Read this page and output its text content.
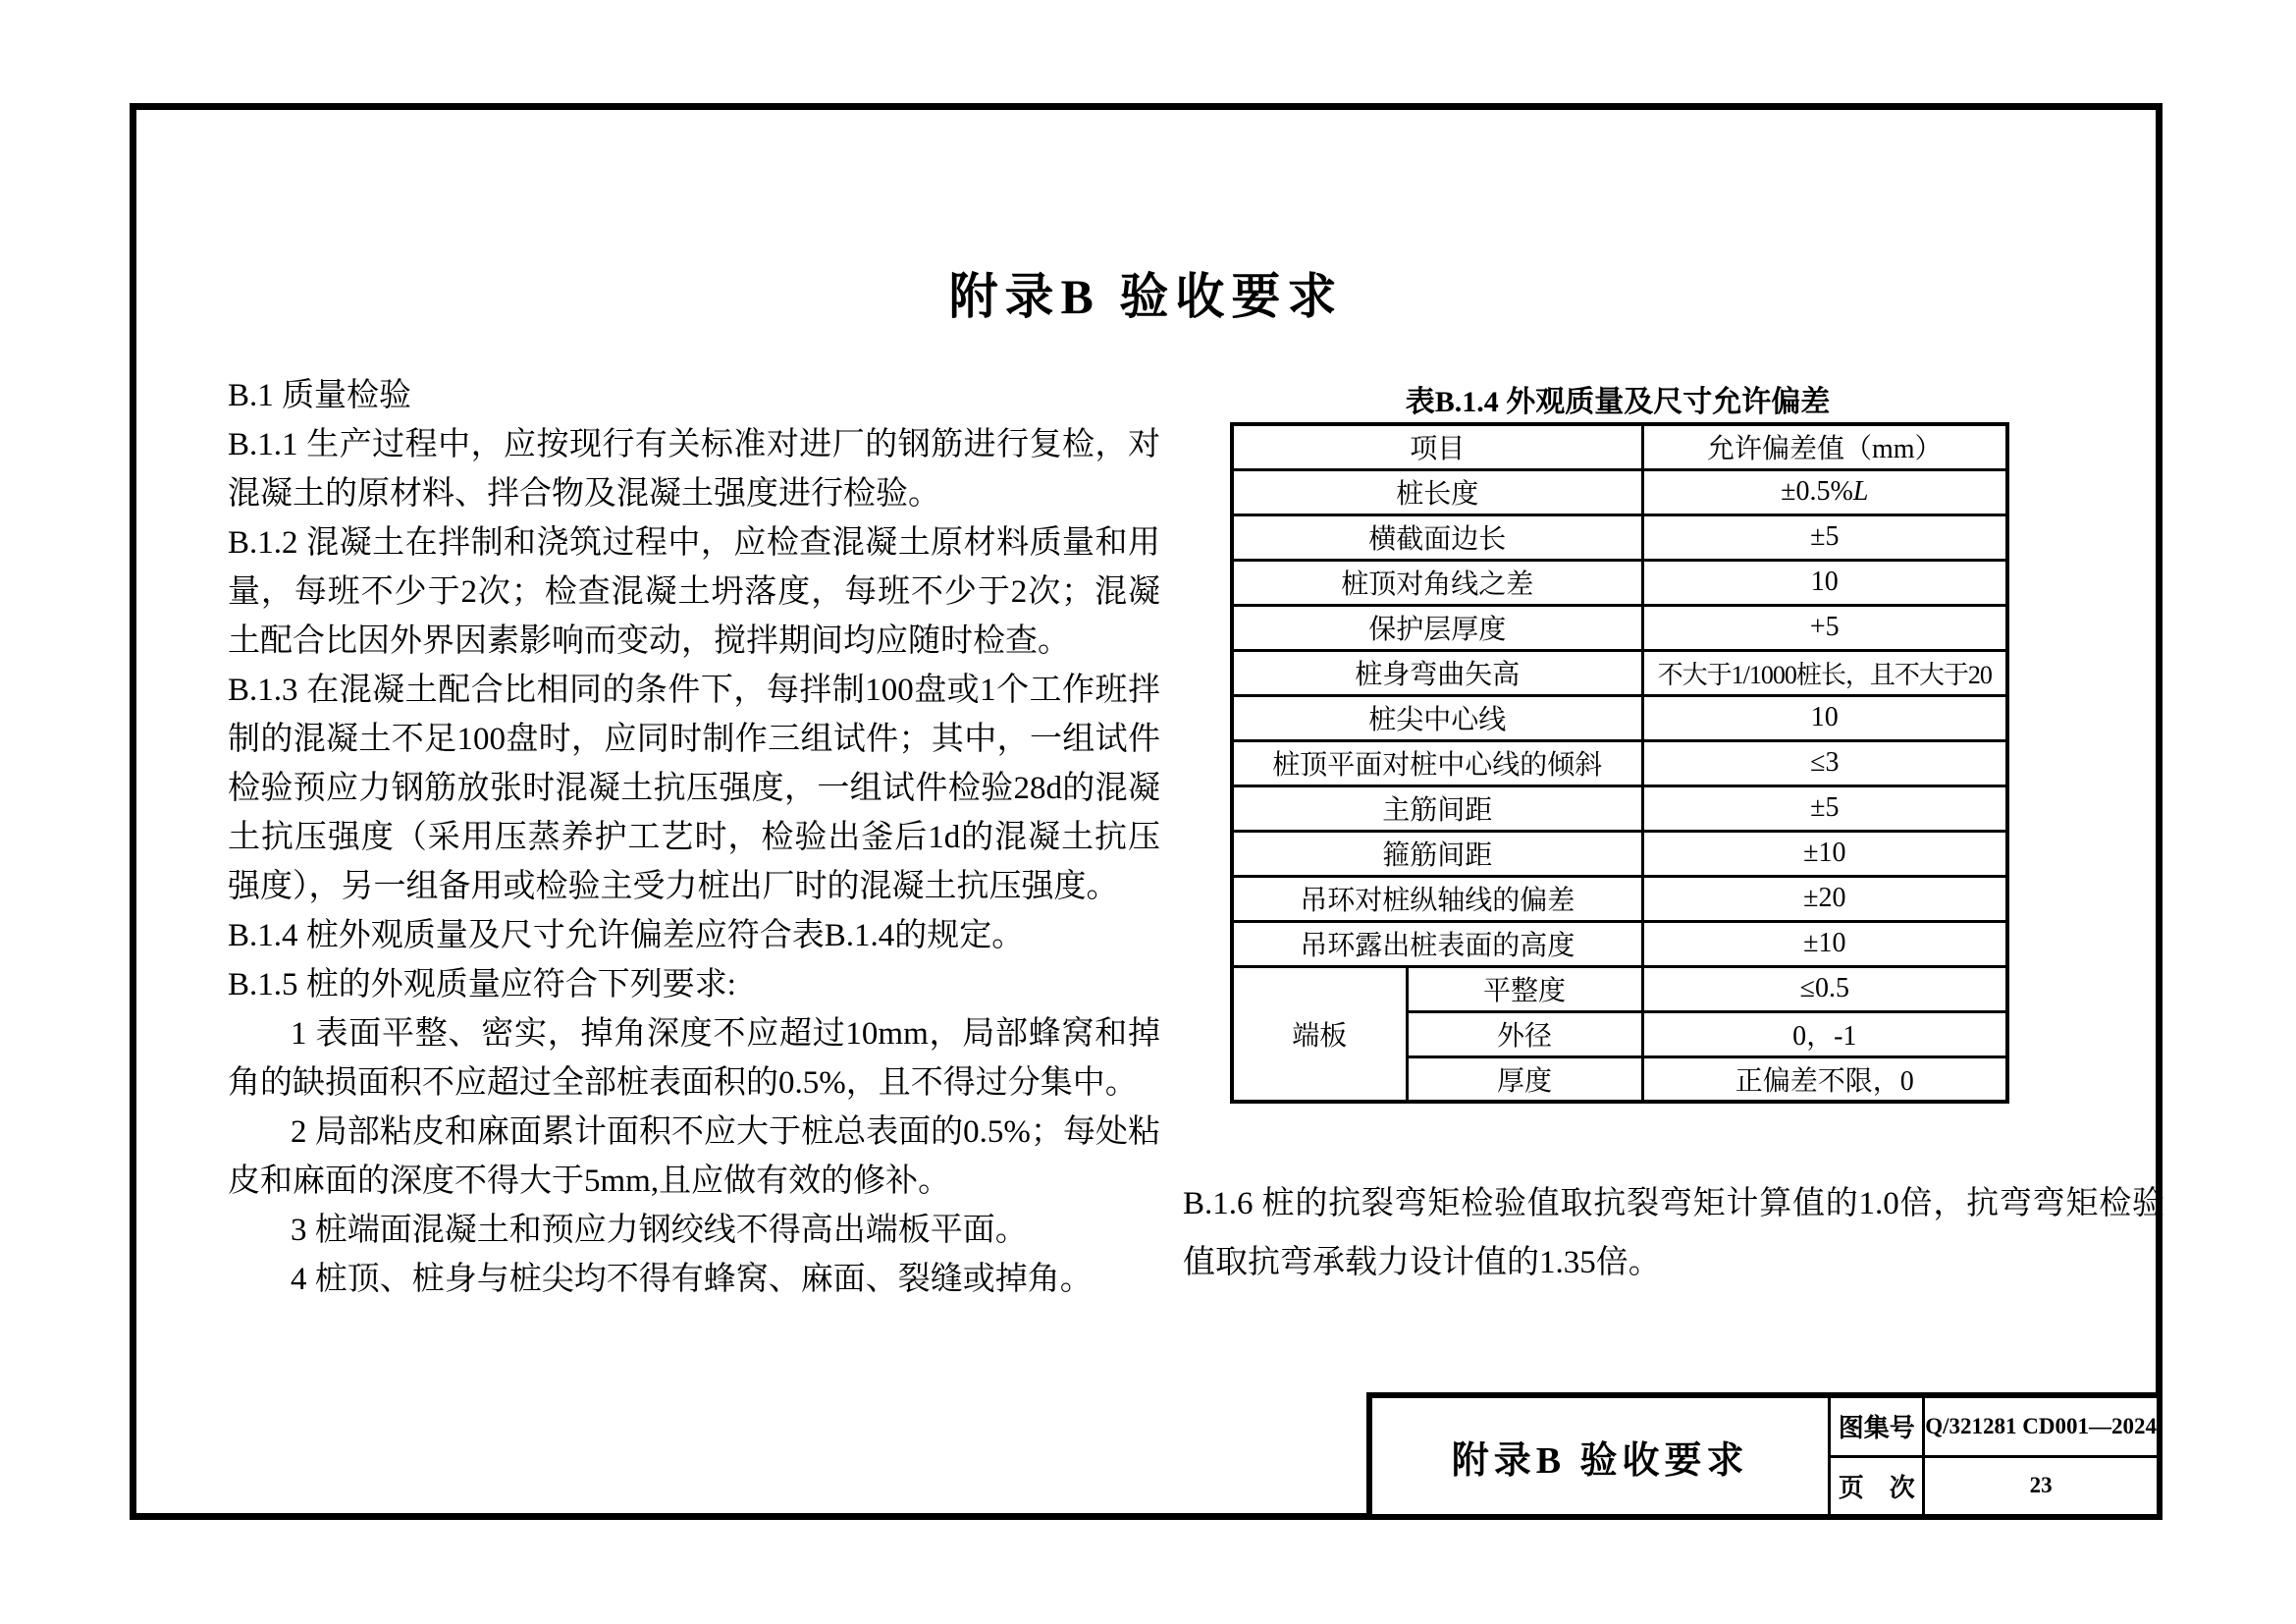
附录B 验收要求

B.1 质量检验

B.1.1 生产过程中，应按现行有关标准对进厂的钢筋进行复检，对混凝土的原材料、拌合物及混凝土强度进行检验。

B.1.2 混凝土在拌制和浇筑过程中，应检查混凝土原材料质量和用量，每班不少于2次；检查混凝土坍落度，每班不少于2次；混凝土配合比因外界因素影响而变动，搅拌期间均应随时检查。

B.1.3 在混凝土配合比相同的条件下，每拌制100盘或1个工作班拌制的混凝土不足100盘时，应同时制作三组试件；其中，一组试件检验预应力钢筋放张时混凝土抗压强度，一组试件检验28d的混凝土抗压强度（采用压蒸养护工艺时，检验出釜后1d的混凝土抗压强度），另一组备用或检验主受力桩出厂时的混凝土抗压强度。

B.1.4 桩外观质量及尺寸允许偏差应符合表B.1.4的规定。

B.1.5 桩的外观质量应符合下列要求:

1 表面平整、密实，掉角深度不应超过10mm，局部蜂窝和掉角的缺损面积不应超过全部桩表面积的0.5%，且不得过分集中。

2 局部粘皮和麻面累计面积不应大于桩总表面的0.5%；每处粘皮和麻面的深度不得大于5mm,且应做有效的修补。

3 桩端面混凝土和预应力钢绞线不得高出端板平面。

4 桩顶、桩身与桩尖均不得有蜂窝、麻面、裂缝或掉角。

表B.1.4 外观质量及尺寸允许偏差
项目		允许偏差值（mm）
桩长度		±0.5%L
横截面边长		±5
桩顶对角线之差		10
保护层厚度		+5
桩身弯曲矢高		不大于1/1000桩长，且不大于20
桩尖中心线		10
桩顶平面对桩中心线的倾斜		≤3
主筋间距		±5
箍筋间距		±10
吊环对桩纵轴线的偏差		±20
吊环露出桩表面的高度		±10
端板	平整度	≤0.5
	外径	0，-1
	厚度	正偏差不限，0
B.1.6 桩的抗裂弯矩检验值取抗裂弯矩计算值的1.0倍，抗弯弯矩检验值取抗弯承载力设计值的1.35倍。
附录B 验收要求
图集号 Q/321281 CD001—2024
页　次	23
